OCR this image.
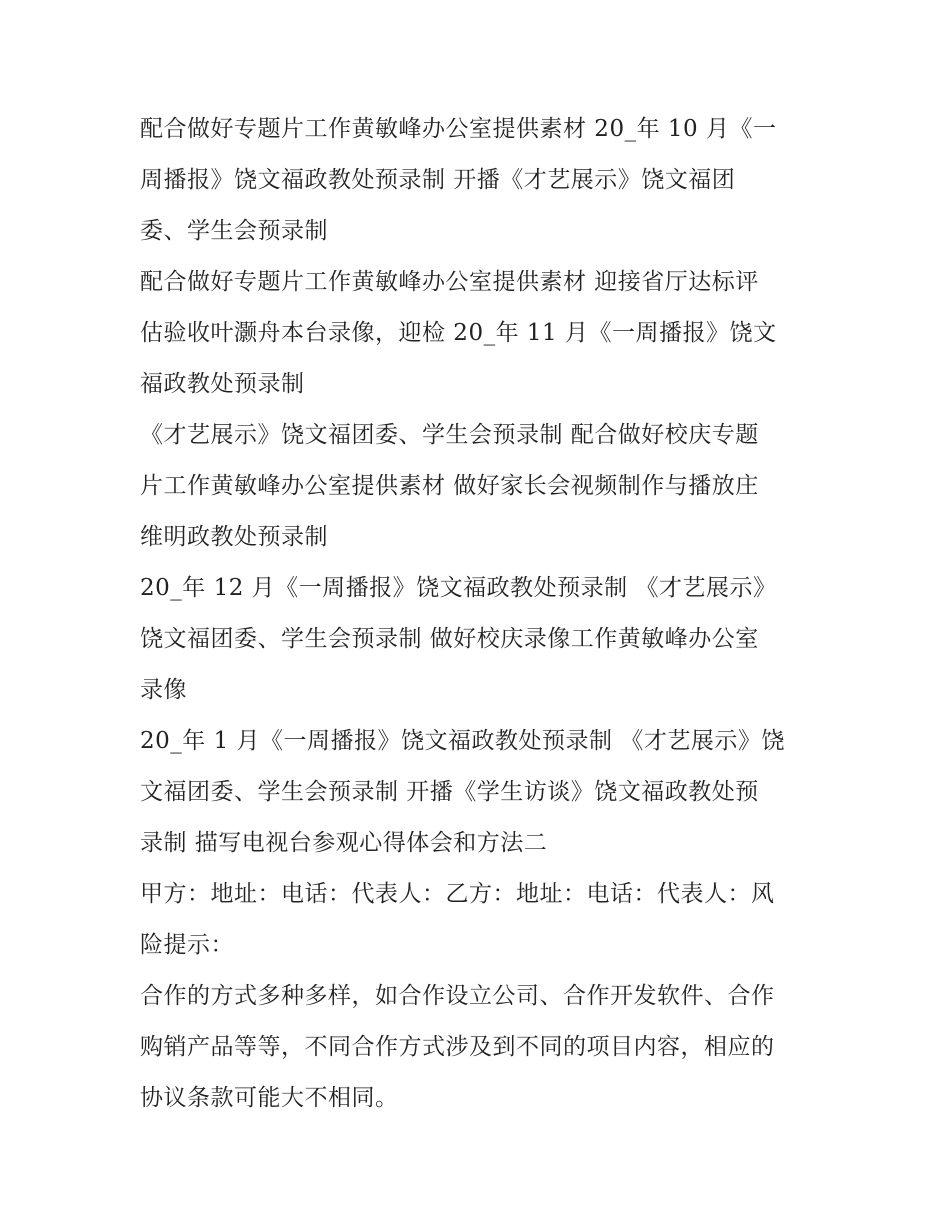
配合做好专题片工作黄敏峰办公室提供素材 20_年 10 月《一
周播报》饶文福政教处预录制 开播《才艺展示》饶文福团
委、学生会预录制
配合做好专题片工作黄敏峰办公室提供素材 迎接省厅达标评
估验收叶灏舟本台录像，迎检 20_年 11 月《一周播报》饶文
福政教处预录制
《才艺展示》饶文福团委、学生会预录制 配合做好校庆专题
片工作黄敏峰办公室提供素材 做好家长会视频制作与播放庄
维明政教处预录制
20_年 12 月《一周播报》饶文福政教处预录制 《才艺展示》
饶文福团委、学生会预录制 做好校庆录像工作黄敏峰办公室
录像
20_年 1 月《一周播报》饶文福政教处预录制 《才艺展示》饶
文福团委、学生会预录制 开播《学生访谈》饶文福政教处预
录制 描写电视台参观心得体会和方法二
甲方：地址：电话：代表人：乙方：地址：电话：代表人：风
险提示：
合作的方式多种多样，如合作设立公司、合作开发软件、合作
购销产品等等，不同合作方式涉及到不同的项目内容，相应的
协议条款可能大不相同。
